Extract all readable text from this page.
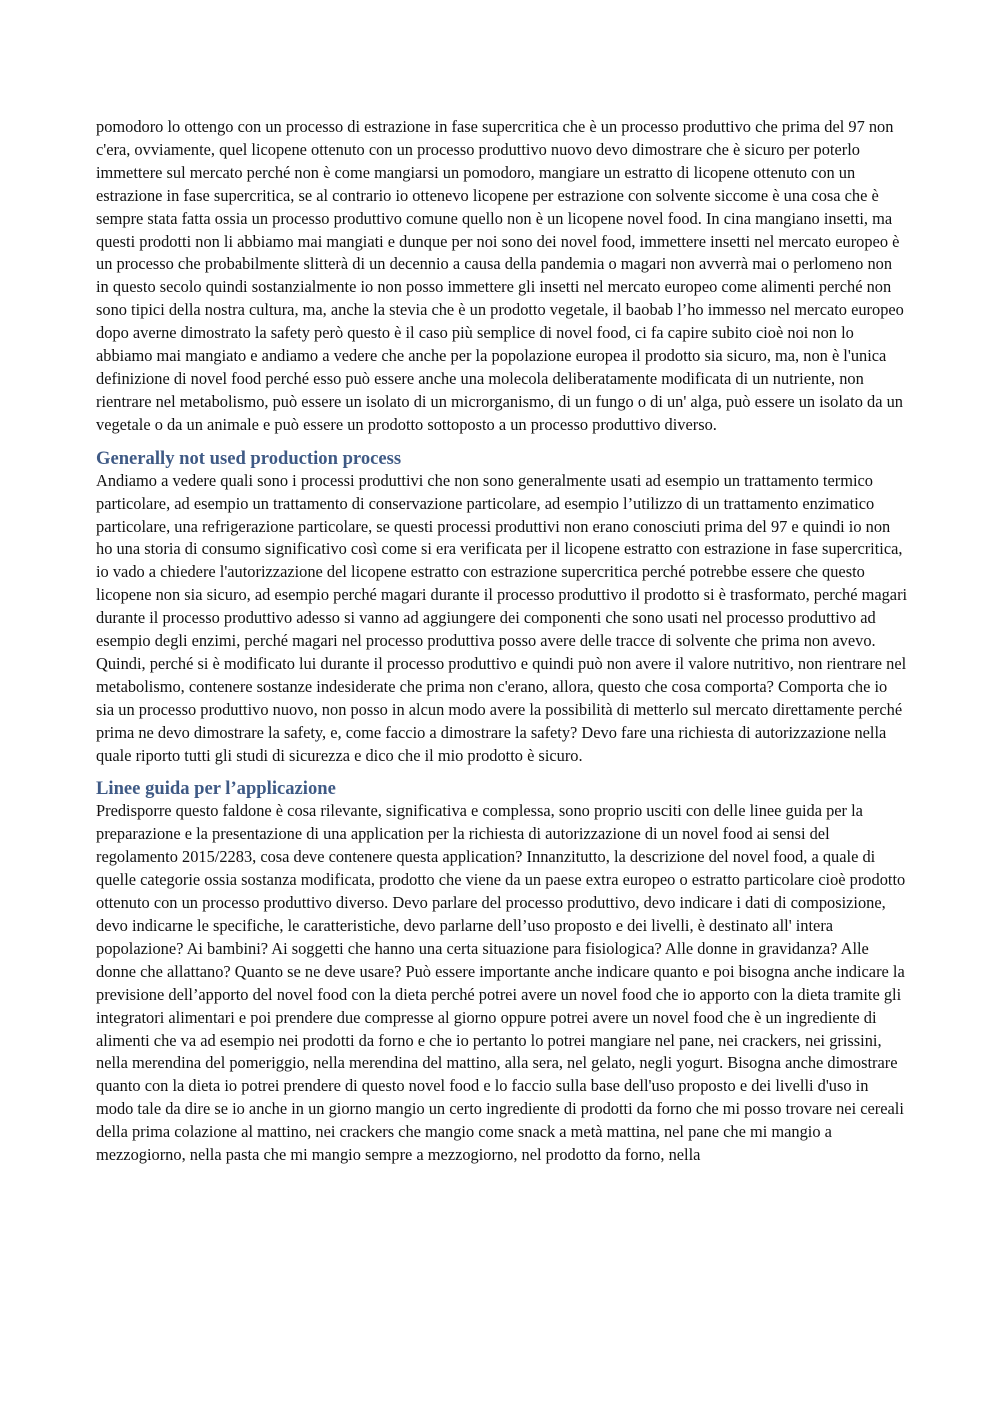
pomodoro lo ottengo con un processo di estrazione in fase supercritica che è un processo produttivo che prima del 97 non c'era, ovviamente, quel licopene ottenuto con un processo produttivo nuovo devo dimostrare che è sicuro per poterlo immettere sul mercato perché non è come mangiarsi un pomodoro, mangiare un estratto di licopene ottenuto con un estrazione in fase supercritica, se al contrario io ottenevo licopene per estrazione con solvente siccome è una cosa che è sempre stata fatta ossia un processo produttivo comune quello non è un licopene novel food. In cina mangiano insetti, ma questi prodotti non li abbiamo mai mangiati e dunque per noi sono dei novel food, immettere insetti nel mercato europeo è un processo che probabilmente slitterà di un decennio a causa della pandemia o magari non avverrà mai o perlomeno non in questo secolo quindi sostanzialmente io non posso immettere gli insetti nel mercato europeo come alimenti perché non sono tipici della nostra cultura, ma, anche la stevia che è un prodotto vegetale, il baobab l’ho immesso nel mercato europeo dopo averne dimostrato la safety però questo è il caso più semplice di novel food, ci fa capire subito cioè noi non lo abbiamo mai mangiato e andiamo a vedere che anche per la popolazione europea il prodotto sia sicuro, ma, non è l'unica definizione di novel food perché esso può essere anche una molecola deliberatamente modificata di un nutriente, non rientrare nel metabolismo, può essere un isolato di un microrganismo, di un fungo o di un' alga, può essere un isolato da un vegetale o da un animale e può essere un prodotto sottoposto a un processo produttivo diverso.

Generally not used production process

Andiamo a vedere quali sono i processi produttivi che non sono generalmente usati ad esempio un trattamento termico particolare, ad esempio un trattamento di conservazione particolare, ad esempio l’utilizzo di un trattamento enzimatico particolare, una refrigerazione particolare, se questi processi produttivi non erano conosciuti prima del 97 e quindi io non ho una storia di consumo significativo così come si era verificata per il licopene estratto con estrazione in fase supercritica, io vado a chiedere l'autorizzazione del licopene estratto con estrazione supercritica perché potrebbe essere che questo licopene non sia sicuro, ad esempio perché magari durante il processo produttivo il prodotto si è trasformato, perché magari durante il processo produttivo adesso si vanno ad aggiungere dei componenti che sono usati nel processo produttivo ad esempio degli enzimi, perché magari nel processo produttiva posso avere delle tracce di solvente che prima non avevo. Quindi, perché si è modificato lui durante il processo produttivo e quindi può non avere il valore nutritivo, non rientrare nel metabolismo, contenere sostanze indesiderate che prima non c'erano, allora, questo che cosa comporta? Comporta che io sia un processo produttivo nuovo, non posso in alcun modo avere la possibilità di metterlo sul mercato direttamente perché prima ne devo dimostrare la safety, e, come faccio a dimostrare la safety? Devo fare una richiesta di autorizzazione nella quale riporto tutti gli studi di sicurezza e dico che il mio prodotto è sicuro.

Linee guida per l’applicazione

Predisporre questo faldone è cosa rilevante, significativa e complessa, sono proprio usciti con delle linee guida per la preparazione e la presentazione di una application per la richiesta di autorizzazione di un novel food ai sensi del regolamento 2015/2283, cosa deve contenere questa application? Innanzitutto, la descrizione del novel food, a quale di quelle categorie ossia sostanza modificata, prodotto che viene da un paese extra europeo o estratto particolare cioè prodotto ottenuto con un processo produttivo diverso. Devo parlare del processo produttivo, devo indicare i dati di composizione, devo indicarne le specifiche, le caratteristiche, devo parlarne dell’uso proposto e dei livelli, è destinato all' intera popolazione? Ai bambini? Ai soggetti che hanno una certa situazione para fisiologica? Alle donne in gravidanza? Alle donne che allattano? Quanto se ne deve usare? Può essere importante anche indicare quanto e poi bisogna anche indicare la previsione dell’apporto del novel food con la dieta perché potrei avere un novel food che io apporto con la dieta tramite gli integratori alimentari e poi prendere due compresse al giorno oppure potrei avere un novel food che è un ingrediente di alimenti che va ad esempio nei prodotti da forno e che io pertanto lo potrei mangiare nel pane, nei crackers, nei grissini, nella merendina del pomeriggio, nella merendina del mattino, alla sera, nel gelato, negli yogurt. Bisogna anche dimostrare quanto con la dieta io potrei prendere di questo novel food e lo faccio sulla base dell'uso proposto e dei livelli d'uso in modo tale da dire se io anche in un giorno mangio un certo ingrediente di prodotti da forno che mi posso trovare nei cereali della prima colazione al mattino, nei crackers che mangio come snack a metà mattina, nel pane che mi mangio a mezzogiorno, nella pasta che mi mangio sempre a mezzogiorno, nel prodotto da forno, nella
